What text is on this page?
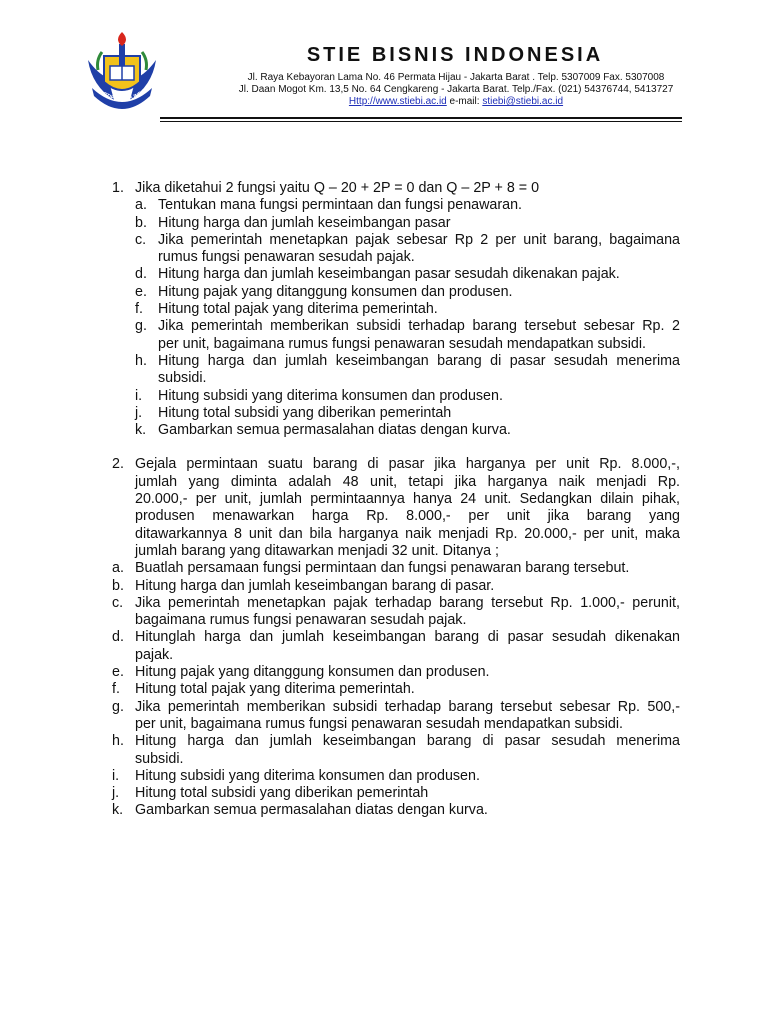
STIE BISNIS INDON
STIE BISNIS INDONESIA
Jl. Raya Kebayoran Lama No. 46 Permata Hijau - Jakarta Barat . Telp. 5307009 Fax. 5307008
Jl. Daan Mogot Km. 13,5 No. 64 Cengkareng - Jakarta Barat. Telp./Fax. (021) 54376744, 5413727
Http://www.stiebi.ac.id e-mail: stiebi@stiebi.ac.id
1. Jika diketahui 2 fungsi yaitu Q – 20 + 2P = 0 dan Q – 2P + 8 = 0
a. Tentukan mana fungsi permintaan dan fungsi penawaran.
b. Hitung harga dan jumlah keseimbangan pasar
c. Jika pemerintah menetapkan pajak sebesar Rp 2 per unit barang, bagaimana
rumus fungsi penawaran sesudah pajak.
d. Hitung harga dan jumlah keseimbangan pasar sesudah dikenakan pajak.
e. Hitung pajak yang ditanggung konsumen dan produsen.
f. Hitung total pajak yang diterima pemerintah.
g. Jika pemerintah memberikan subsidi terhadap barang tersebut sebesar Rp. 2
per unit, bagaimana rumus fungsi penawaran sesudah mendapatkan subsidi.
h. Hitung harga dan jumlah keseimbangan barang di pasar sesudah menerima
subsidi.
i. Hitung subsidi yang diterima konsumen dan produsen.
j. Hitung total subsidi yang diberikan pemerintah
k. Gambarkan semua permasalahan diatas dengan kurva.
2. Gejala permintaan suatu barang di pasar jika harganya per unit Rp. 8.000,-,
jumlah yang diminta adalah 48 unit, tetapi jika harganya naik menjadi Rp.
20.000,- per unit, jumlah permintaannya hanya 24 unit. Sedangkan dilain pihak,
produsen menawarkan harga Rp. 8.000,- per unit jika barang yang
ditawarkannya 8 unit dan bila harganya naik menjadi Rp. 20.000,- per unit, maka
jumlah barang yang ditawarkan menjadi 32 unit. Ditanya ;
a. Buatlah persamaan fungsi permintaan dan fungsi penawaran barang tersebut.
b. Hitung harga dan jumlah keseimbangan barang di pasar.
c. Jika pemerintah menetapkan pajak terhadap barang tersebut Rp. 1.000,- perunit,
bagaimana rumus fungsi penawaran sesudah pajak.
d. Hitunglah harga dan jumlah keseimbangan barang di pasar sesudah dikenakan
pajak.
e. Hitung pajak yang ditanggung konsumen dan produsen.
f. Hitung total pajak yang diterima pemerintah.
g. Jika pemerintah memberikan subsidi terhadap barang tersebut sebesar Rp. 500,-
per unit, bagaimana rumus fungsi penawaran sesudah mendapatkan subsidi.
h. Hitung harga dan jumlah keseimbangan barang di pasar sesudah menerima
subsidi.
i. Hitung subsidi yang diterima konsumen dan produsen.
j. Hitung total subsidi yang diberikan pemerintah
k. Gambarkan semua permasalahan diatas dengan kurva.
